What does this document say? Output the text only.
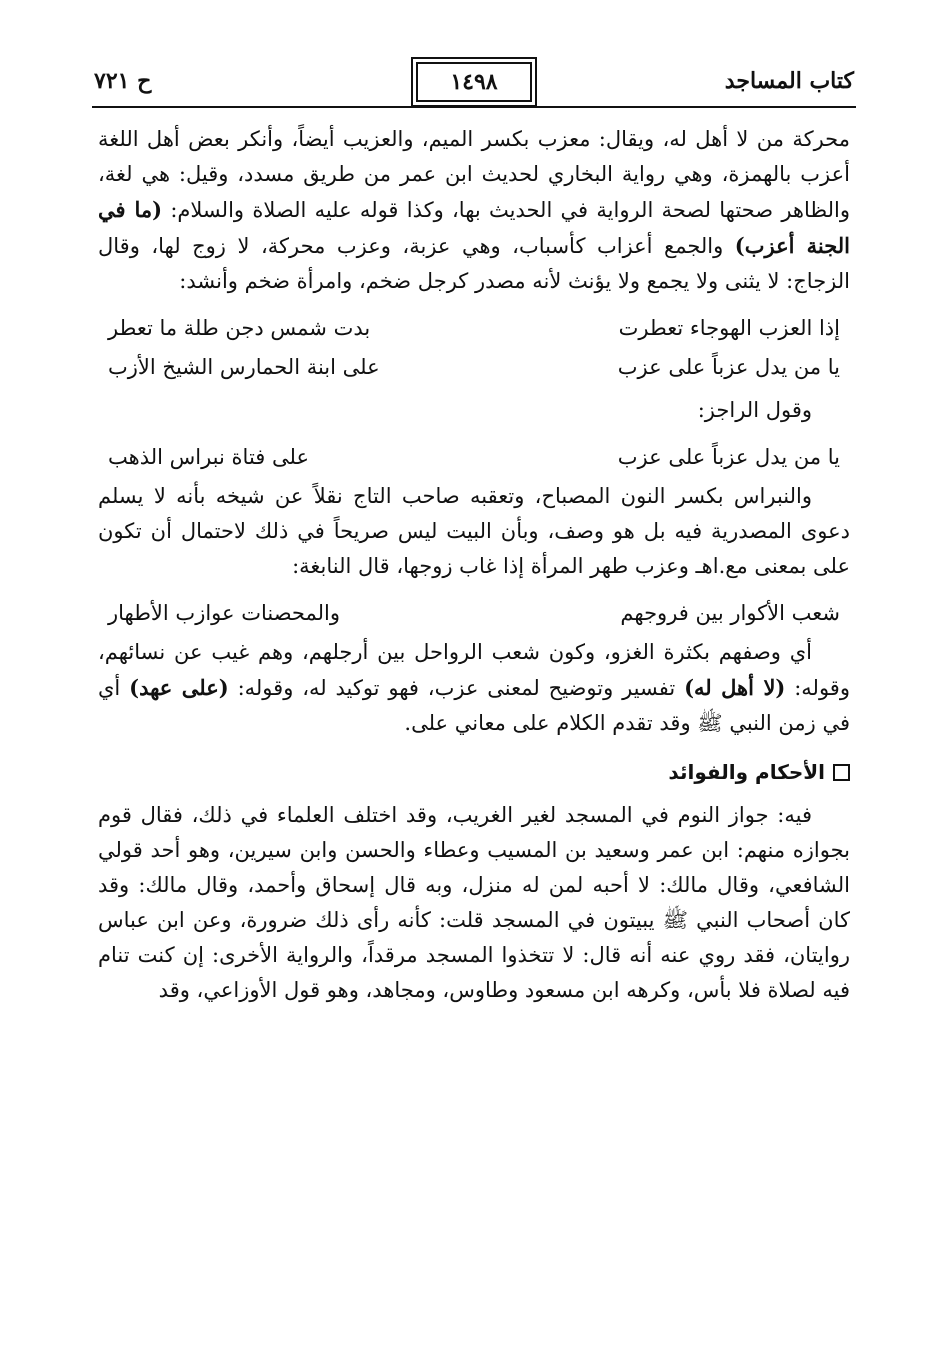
ح ٧٢١	١٤٩٨	كتاب المساجد

محركة من لا أهل له، ويقال: معزب بكسر الميم، والعزيب أيضاً، وأنكر بعض أهل اللغة أعزب بالهمزة، وهي رواية البخاري لحديث ابن عمر من طريق مسدد، وقيل: هي لغة، والظاهر صحتها لصحة الرواية في الحديث بها، وكذا قوله عليه الصلاة والسلام: (ما في الجنة أعزب) والجمع أعزاب كأسباب، وهي عزبة، وعزب محركة، لا زوج لها، وقال الزجاج: لا يثنى ولا يجمع ولا يؤنث لأنه مصدر كرجل ضخم، وامرأة ضخم وأنشد:

إذا العزب الهوجاء تعطرت
بدت شمس دجن طلة ما تعطر
يا من يدل عزباً على عزب
على ابنة الحمارس الشيخ الأزب

وقول الراجز:

يا من يدل عزباً على عزب
على فتاة نبراس الذهب

والنبراس بكسر النون المصباح، وتعقبه صاحب التاج نقلاً عن شيخه بأنه لا يسلم دعوى المصدرية فيه بل هو وصف، وبأن البيت ليس صريحاً في ذلك لاحتمال أن تكون على بمعنى مع.اهـ وعزب طهر المرأة إذا غاب زوجها، قال النابغة:

شعب الأكوار بين فروجهم
والمحصنات عوازب الأطهار

أي وصفهم بكثرة الغزو، وكون شعب الرواحل بين أرجلهم، وهم غيب عن نسائهم، وقوله: (لا أهل له) تفسير وتوضيح لمعنى عزب، فهو توكيد له، وقوله: (على عهد) أي في زمن النبي ﷺ وقد تقدم الكلام على معاني على.

الأحكام والفوائد

فيه: جواز النوم في المسجد لغير الغريب، وقد اختلف العلماء في ذلك، فقال قوم بجوازه منهم: ابن عمر وسعيد بن المسيب وعطاء والحسن وابن سيرين، وهو أحد قولي الشافعي، وقال مالك: لا أحبه لمن له منزل، وبه قال إسحاق وأحمد، وقال مالك: وقد كان أصحاب النبي ﷺ يبيتون في المسجد قلت: كأنه رأى ذلك ضرورة، وعن ابن عباس روايتان، فقد روي عنه أنه قال: لا تتخذوا المسجد مرقداً، والرواية الأخرى: إن كنت تنام فيه لصلاة فلا بأس، وكرهه ابن مسعود وطاوس، ومجاهد، وهو قول الأوزاعي، وقد
